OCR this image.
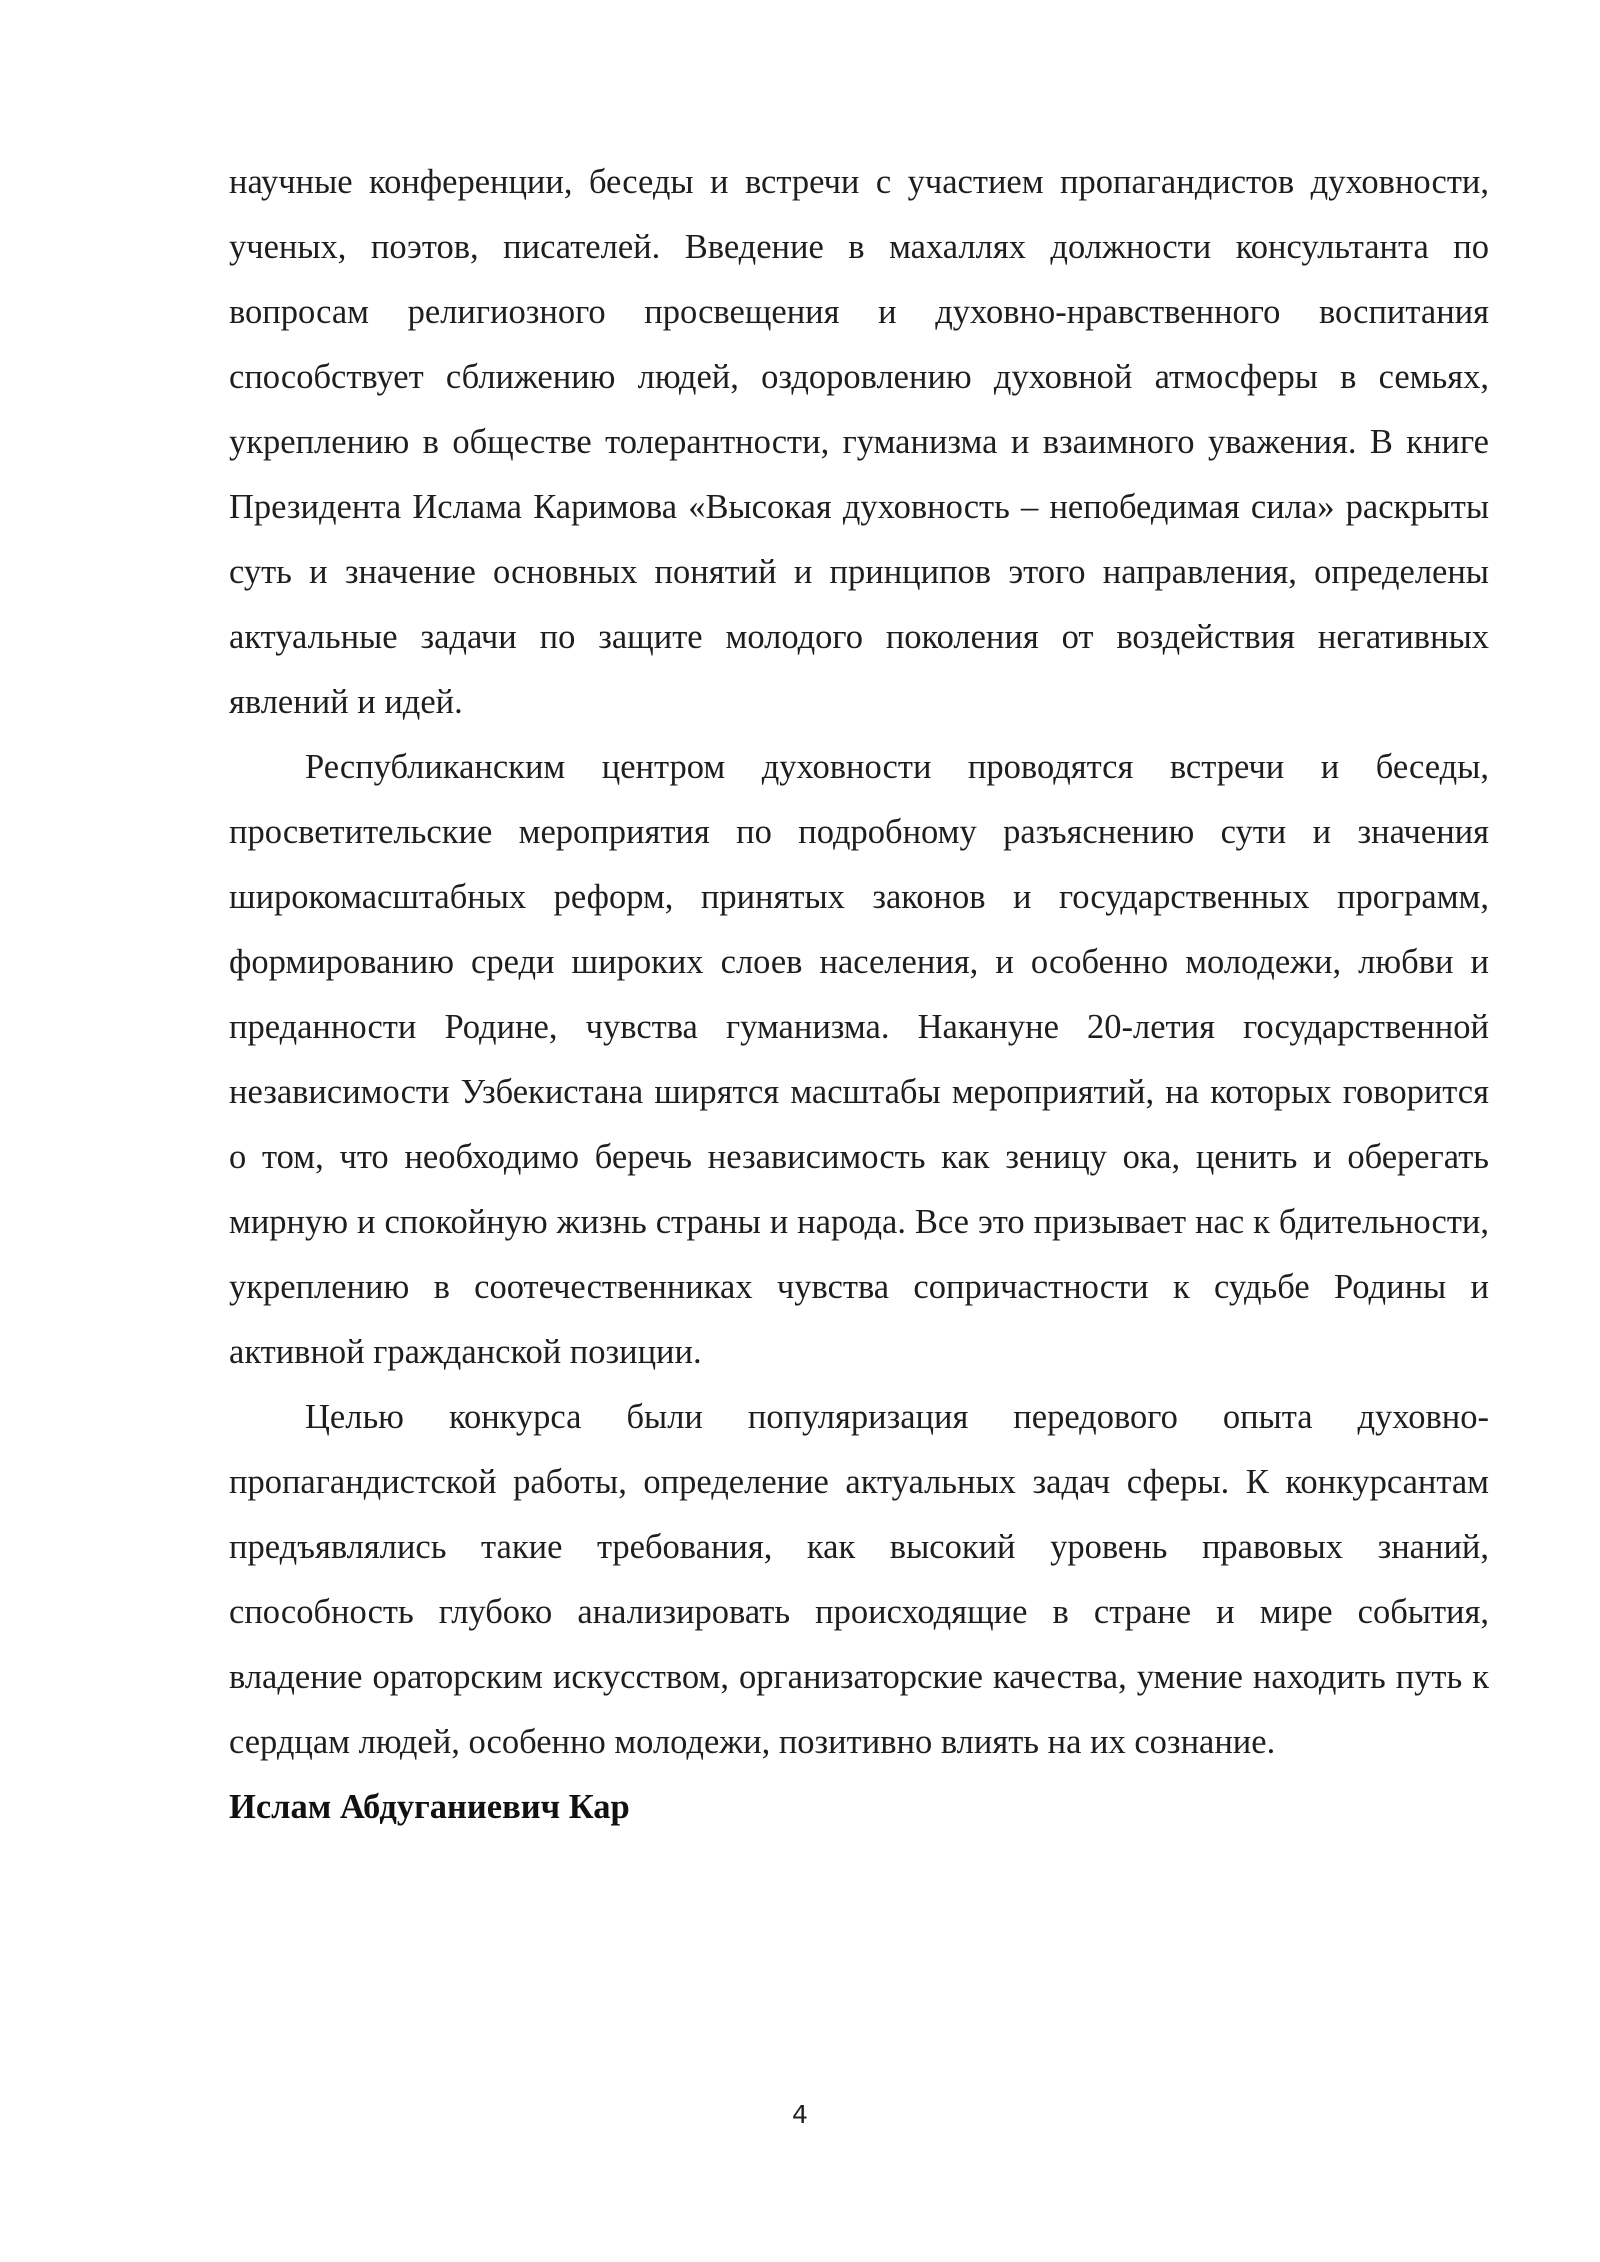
научные конференции, беседы и встречи с участием пропагандистов духовности, ученых, поэтов, писателей. Введение в махаллях должности консультанта по вопросам религиозного просвещения и духовно-нравственного воспитания способствует сближению людей, оздоровлению духовной атмосферы в семьях, укреплению в обществе толерантности, гуманизма и взаимного уважения. В книге Президента Ислама Каримова «Высокая духовность – непобедимая сила» раскрыты суть и значение основных понятий и принципов этого направления, определены актуальные задачи по защите молодого поколения от воздействия негативных явлений и идей.

Республиканским центром духовности проводятся встречи и беседы, просветительские мероприятия по подробному разъяснению сути и значения широкомасштабных реформ, принятых законов и государственных программ, формированию среди широких слоев населения, и особенно молодежи, любви и преданности Родине, чувства гуманизма. Накануне 20-летия государственной независимости Узбекистана ширятся масштабы мероприятий, на которых говорится о том, что необходимо беречь независимость как зеницу ока, ценить и оберегать мирную и спокойную жизнь страны и народа. Все это призывает нас к бдительности, укреплению в соотечественниках чувства сопричастности к судьбе Родины и активной гражданской позиции.

Целью конкурса были популяризация передового опыта духовно-пропагандистской работы, определение актуальных задач сферы. К конкурсантам предъявлялись такие требования, как высокий уровень правовых знаний, способность глубоко анализировать происходящие в стране и мире события, владение ораторским искусством, организаторские качества, умение находить путь к сердцам людей, особенно молодежи, позитивно влиять на их сознание.

Ислам Абдуганиевич Кар

4
